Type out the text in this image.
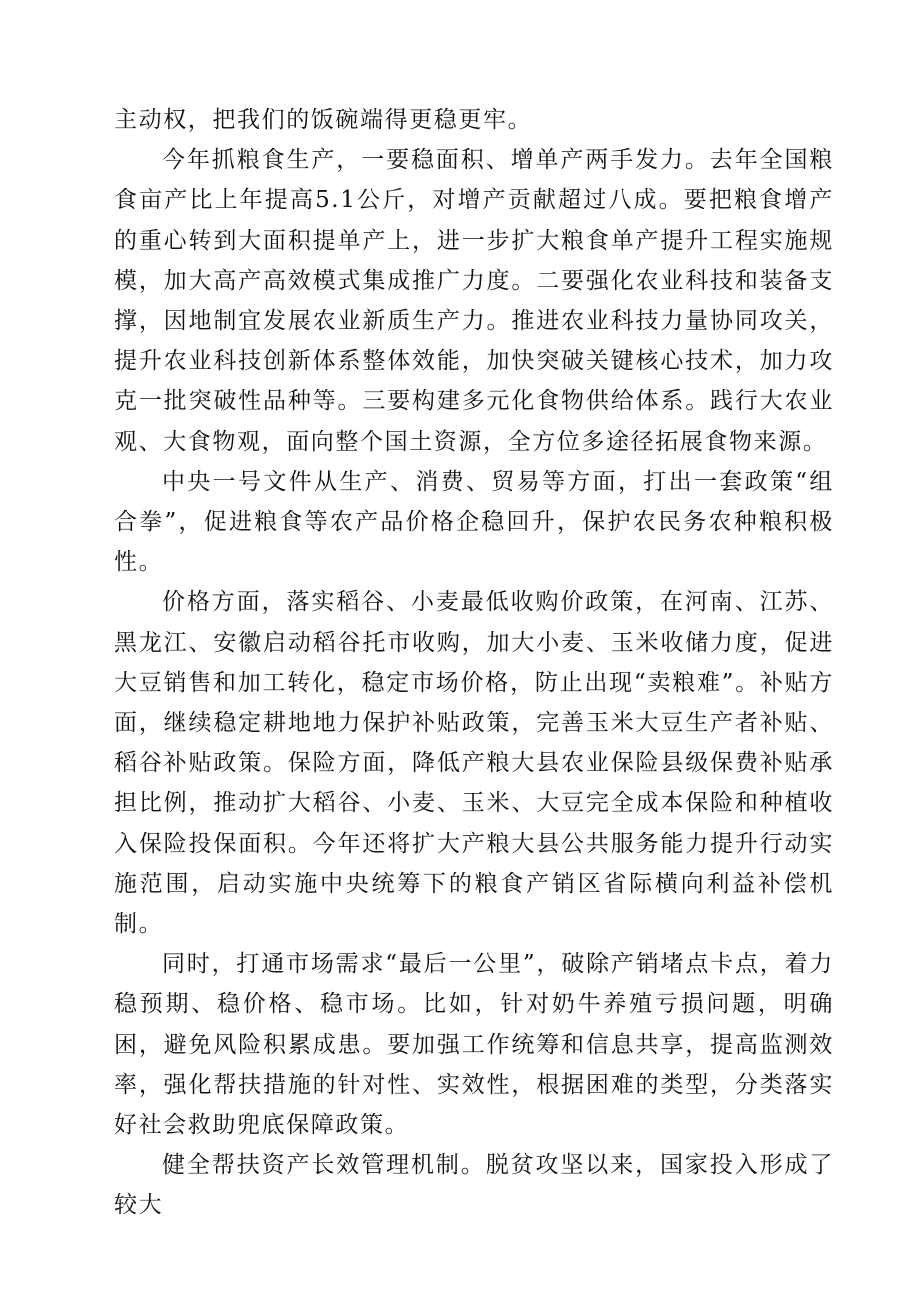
主动权，把我们的饭碗端得更稳更牢。

今年抓粮食生产，一要稳面积、增单产两手发力。去年全国粮食亩产比上年提高5.1公斤，对增产贡献超过八成。要把粮食增产的重心转到大面积提单产上，进一步扩大粮食单产提升工程实施规模，加大高产高效模式集成推广力度。二要强化农业科技和装备支撑，因地制宜发展农业新质生产力。推进农业科技力量协同攻关，提升农业科技创新体系整体效能，加快突破关键核心技术，加力攻克一批突破性品种等。三要构建多元化食物供给体系。践行大农业观、大食物观，面向整个国土资源，全方位多途径拓展食物来源。

中央一号文件从生产、消费、贸易等方面，打出一套政策“组合拳”，促进粮食等农产品价格企稳回升，保护农民务农种粮积极性。

价格方面，落实稻谷、小麦最低收购价政策，在河南、江苏、黑龙江、安徽启动稻谷托市收购，加大小麦、玉米收储力度，促进大豆销售和加工转化，稳定市场价格，防止出现“卖粮难”。补贴方面，继续稳定耕地地力保护补贴政策，完善玉米大豆生产者补贴、稻谷补贴政策。保险方面，降低产粮大县农业保险县级保费补贴承担比例，推动扩大稻谷、小麦、玉米、大豆完全成本保险和种植收入保险投保面积。今年还将扩大产粮大县公共服务能力提升行动实施范围，启动实施中央统筹下的粮食产销区省际横向利益补偿机制。

同时，打通市场需求“最后一公里”，破除产销堵点卡点，着力稳预期、稳价格、稳市场。比如，针对奶牛养殖亏损问题，明确困，避免风险积累成患。要加强工作统筹和信息共享，提高监测效率，强化帮扶措施的针对性、实效性，根据困难的类型，分类落实好社会救助兜底保障政策。

健全帮扶资产长效管理机制。脱贫攻坚以来，国家投入形成了较大
